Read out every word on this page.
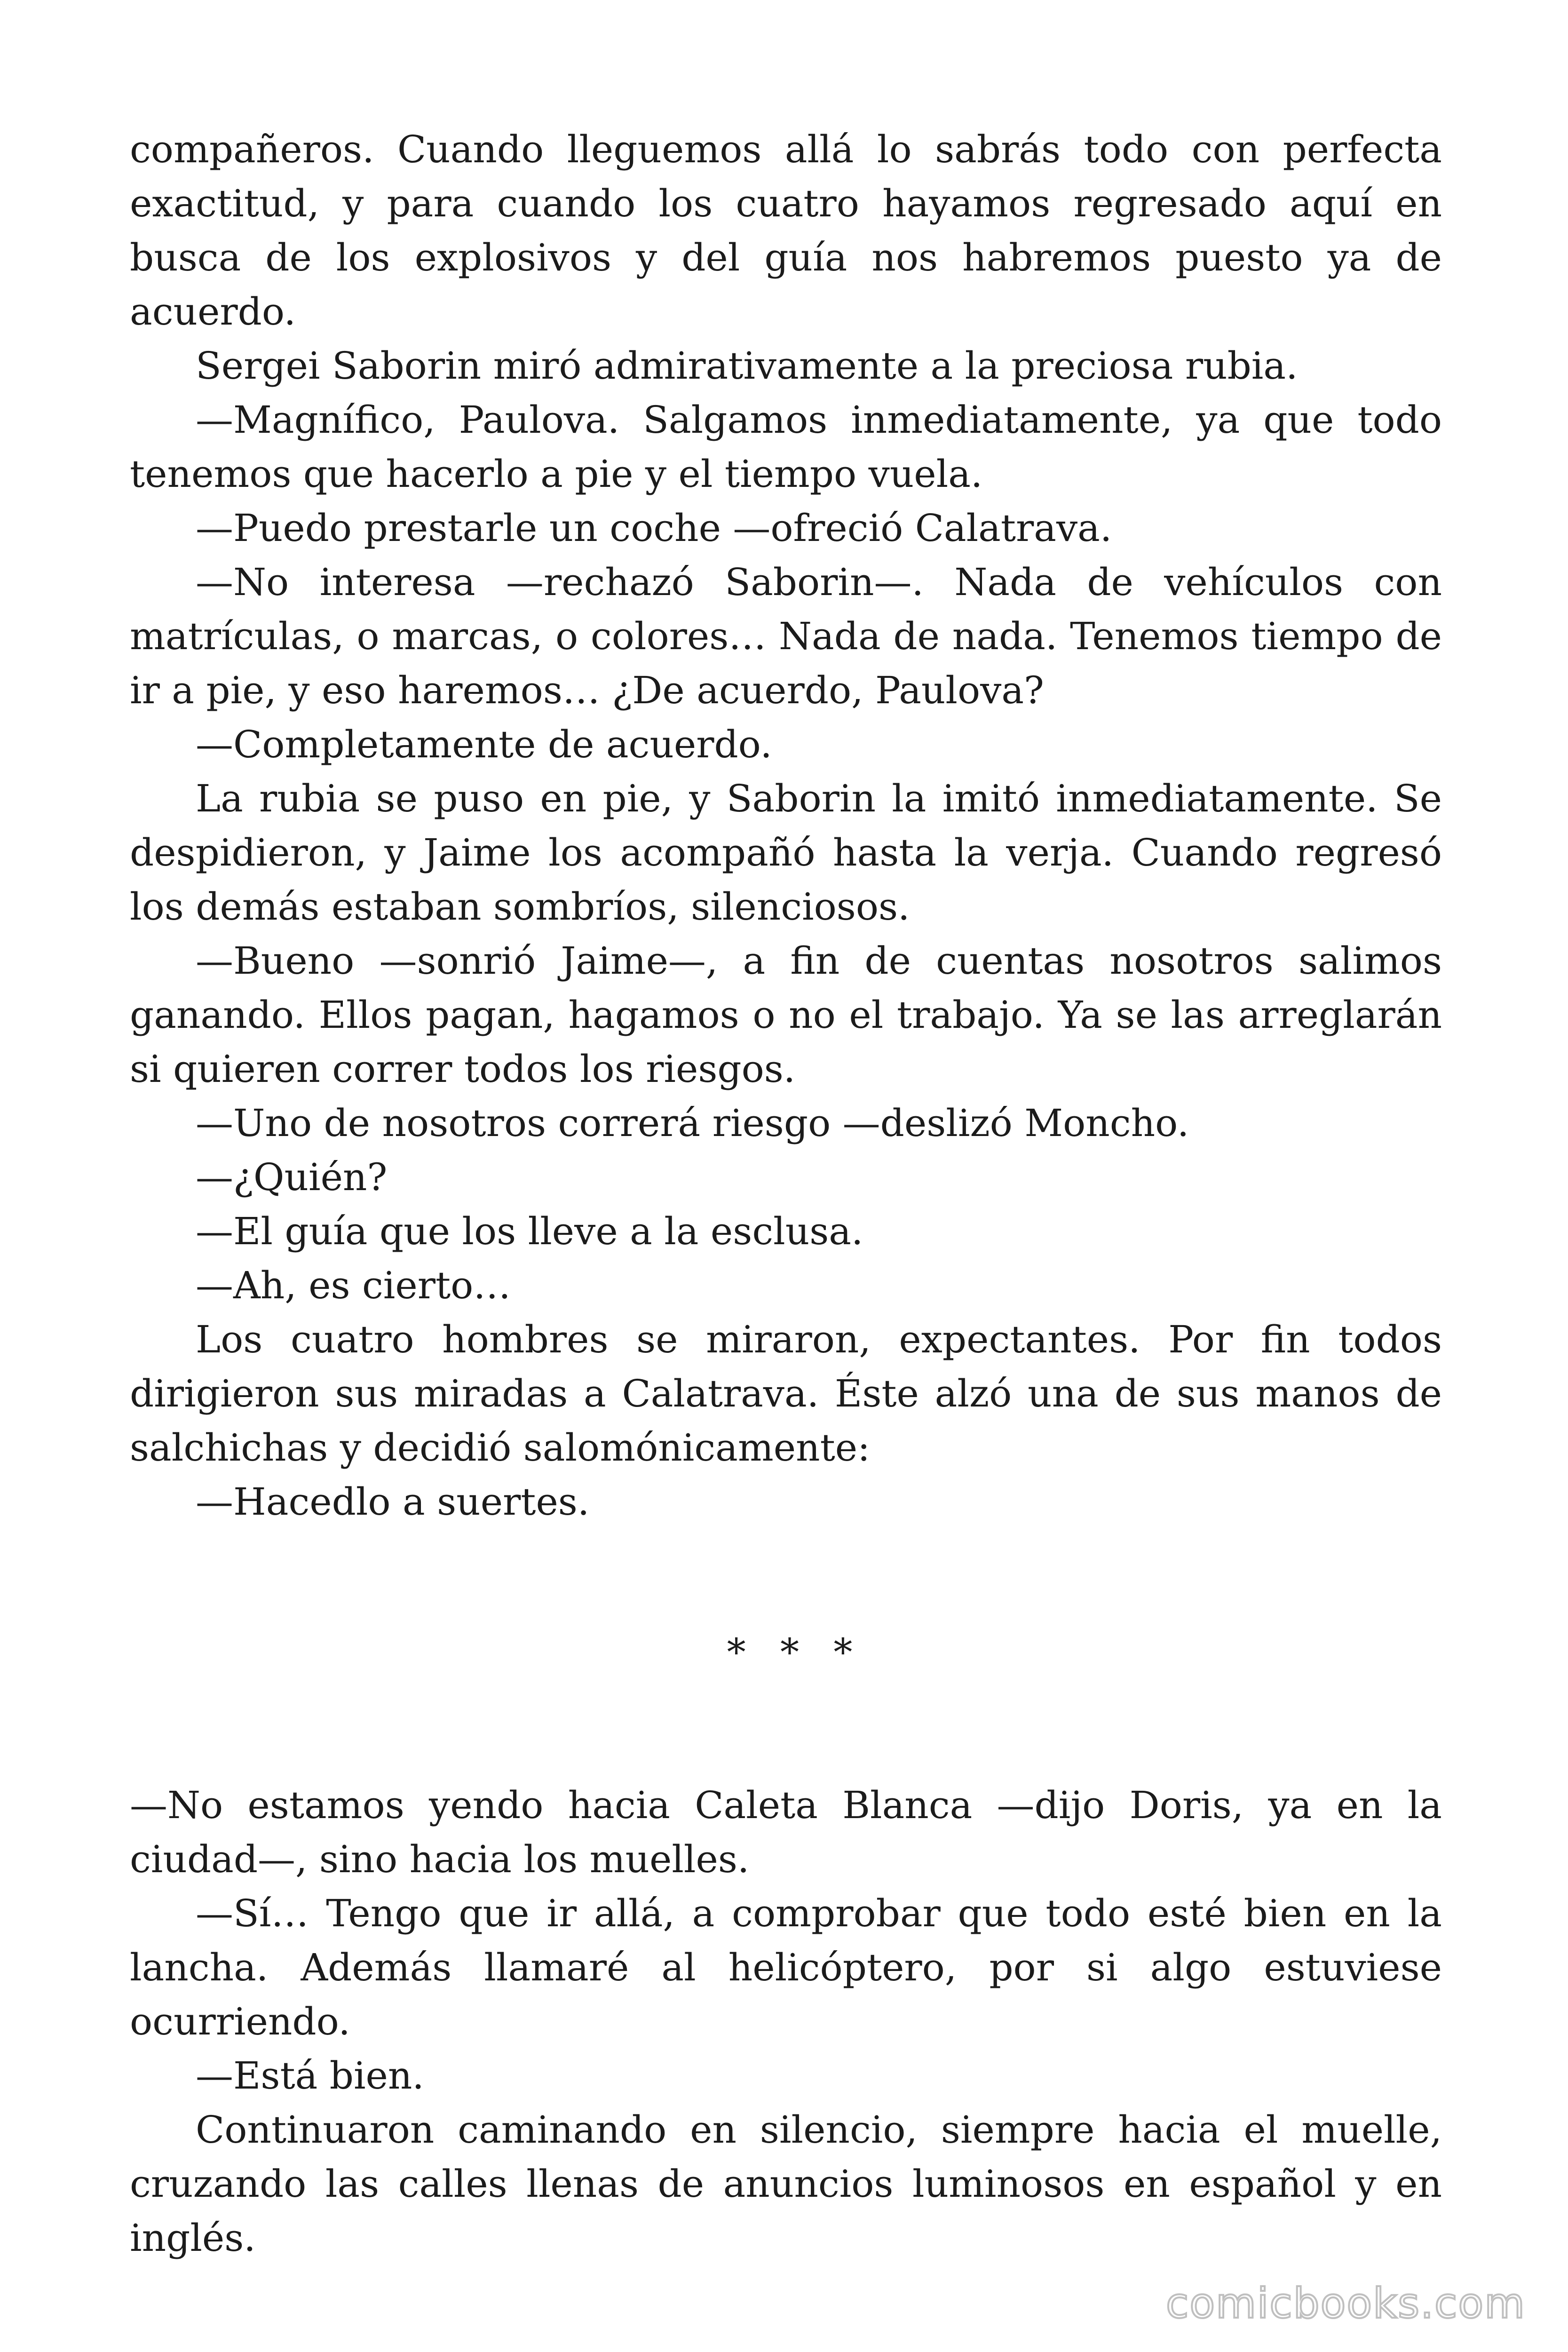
compañeros. Cuando lleguemos allá lo sabrás todo con perfecta exactitud, y para cuando los cuatro hayamos regresado aquí en busca de los explosivos y del guía nos habremos puesto ya de acuerdo.

Sergei Saborin miró admirativamente a la preciosa rubia.

—Magnífico, Paulova. Salgamos inmediatamente, ya que todo tenemos que hacerlo a pie y el tiempo vuela.

—Puedo prestarle un coche —ofreció Calatrava.

—No interesa —rechazó Saborin—. Nada de vehículos con matrículas, o marcas, o colores… Nada de nada. Tenemos tiempo de ir a pie, y eso haremos… ¿De acuerdo, Paulova?

—Completamente de acuerdo.

La rubia se puso en pie, y Saborin la imitó inmediatamente. Se despidieron, y Jaime los acompañó hasta la verja. Cuando regresó los demás estaban sombríos, silenciosos.

—Bueno —sonrió Jaime—, a fin de cuentas nosotros salimos ganando. Ellos pagan, hagamos o no el trabajo. Ya se las arreglarán si quieren correr todos los riesgos.

—Uno de nosotros correrá riesgo —deslizó Moncho.

—¿Quién?

—El guía que los lleve a la esclusa.

—Ah, es cierto…

Los cuatro hombres se miraron, expectantes. Por fin todos dirigieron sus miradas a Calatrava. Éste alzó una de sus manos de salchichas y decidió salomónicamente:

—Hacedlo a suertes.

* * *

—No estamos yendo hacia Caleta Blanca —dijo Doris, ya en la ciudad—, sino hacia los muelles.

—Sí… Tengo que ir allá, a comprobar que todo esté bien en la lancha. Además llamaré al helicóptero, por si algo estuviese ocurriendo.

—Está bien.

Continuaron caminando en silencio, siempre hacia el muelle, cruzando las calles llenas de anuncios luminosos en español y en inglés.

comicbooks.com
